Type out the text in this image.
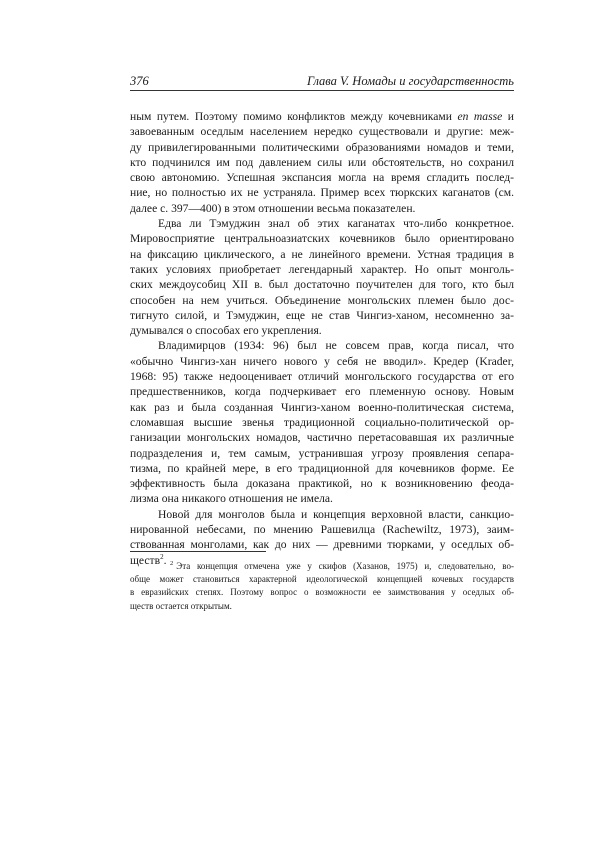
376	Глава V. Номады и государственность

ным путем. Поэтому помимо конфликтов между кочевниками en masse и
завоеванным оседлым населением нередко существовали и другие: меж-
ду привилегированными политическими образованиями номадов и теми,
кто подчинился им под давлением силы или обстоятельств, но сохранил
свою автономию. Успешная экспансия могла на время сгладить послед-
ние, но полностью их не устраняла. Пример всех тюркских каганатов (см.
далее с. 397—400) в этом отношении весьма показателен.

Едва ли Тэмуджин знал об этих каганатах что-либо конкретное.
Мировосприятие центральноазиатских кочевников было ориентировано
на фиксацию циклического, а не линейного времени. Устная традиция в
таких условиях приобретает легендарный характер. Но опыт монголь-
ских междоусобиц XII в. был достаточно поучителен для того, кто был
способен на нем учиться. Объединение монгольских племен было дос-
тигнуто силой, и Тэмуджин, еще не став Чингиз-ханом, несомненно за-
думывался о способах его укрепления.

Владимирцов (1934: 96) был не совсем прав, когда писал, что
«обычно Чингиз-хан ничего нового у себя не вводил». Кредер (Krader,
1968: 95) также недооценивает отличий монгольского государства от его
предшественников, когда подчеркивает его племенную основу. Новым
как раз и была созданная Чингиз-ханом военно-политическая система,
сломавшая высшие звенья традиционной социально-политической ор-
ганизации монгольских номадов, частично перетасовавшая их различные
подразделения и, тем самым, устранившая угрозу проявления сепара-
тизма, по крайней мере, в его традиционной для кочевников форме. Ее
эффективность была доказана практикой, но к возникновению феода-
лизма она никакого отношения не имела.

Новой для монголов была и концепция верховной власти, санкцио-
нированной небесами, по мнению Рашевилца (Rachewiltz, 1973), заим-
ствованная монголами, как до них — древними тюрками, у оседлых об-
ществ$^2$. $^2$ Эта концепция отмечена уже у скифов (Хазанов, 1975) и, следовательно, во-
обще может становиться характерной идеологической концепцией кочевых государств
в евразийских степях. Поэтому вопрос о возможности ее заимствования у оседлых об-
ществ остается открытым.
